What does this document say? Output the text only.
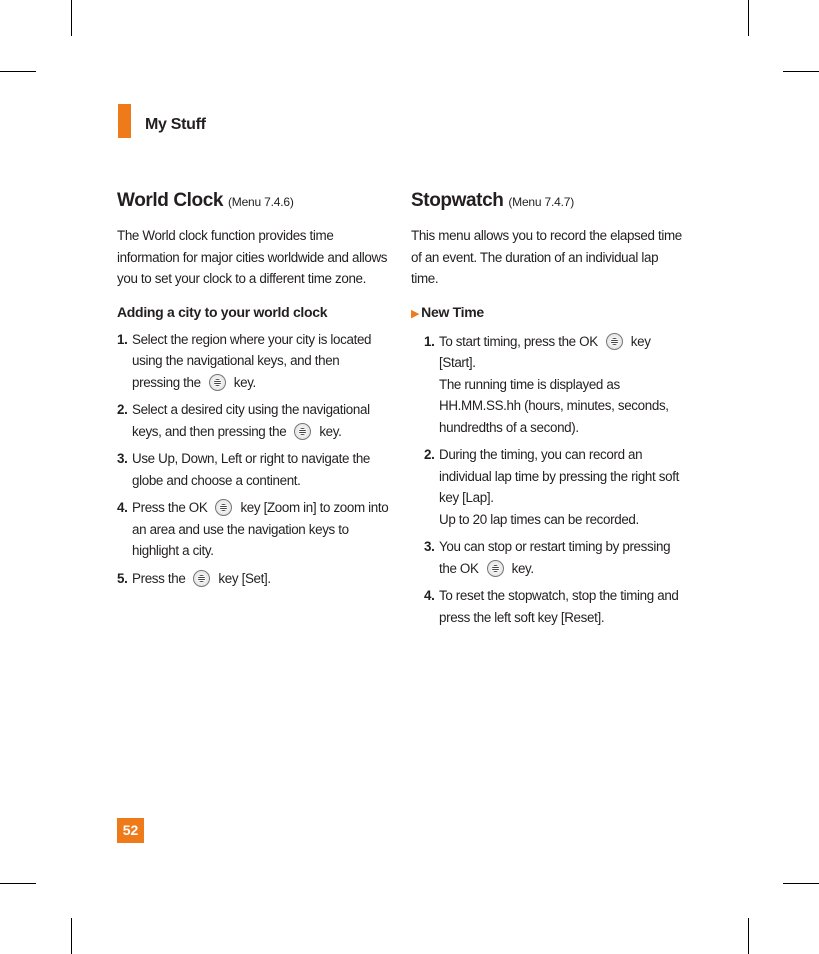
My Stuff
World Clock (Menu 7.4.6)

The World clock function provides time information for major cities worldwide and allows you to set your clock to a different time zone.

Adding a city to your world clock
1. Select the region where your city is located using the navigational keys, and then pressing the key.
2. Select a desired city using the navigational keys, and then pressing the key.
3. Use Up, Down, Left or right to navigate the globe and choose a continent.
4. Press the OK key [Zoom in] to zoom into an area and use the navigation keys to highlight a city.
5. Press the key [Set].
Stopwatch (Menu 7.4.7)

This menu allows you to record the elapsed time of an event. The duration of an individual lap time.

▶ New Time
1. To start timing, press the OK key [Start].
The running time is displayed as HH.MM.SS.hh (hours, minutes, seconds, hundredths of a second).
2. During the timing, you can record an individual lap time by pressing the right soft key [Lap].
Up to 20 lap times can be recorded.
3. You can stop or restart timing by pressing the OK key.
4. To reset the stopwatch, stop the timing and press the left soft key [Reset].
52
